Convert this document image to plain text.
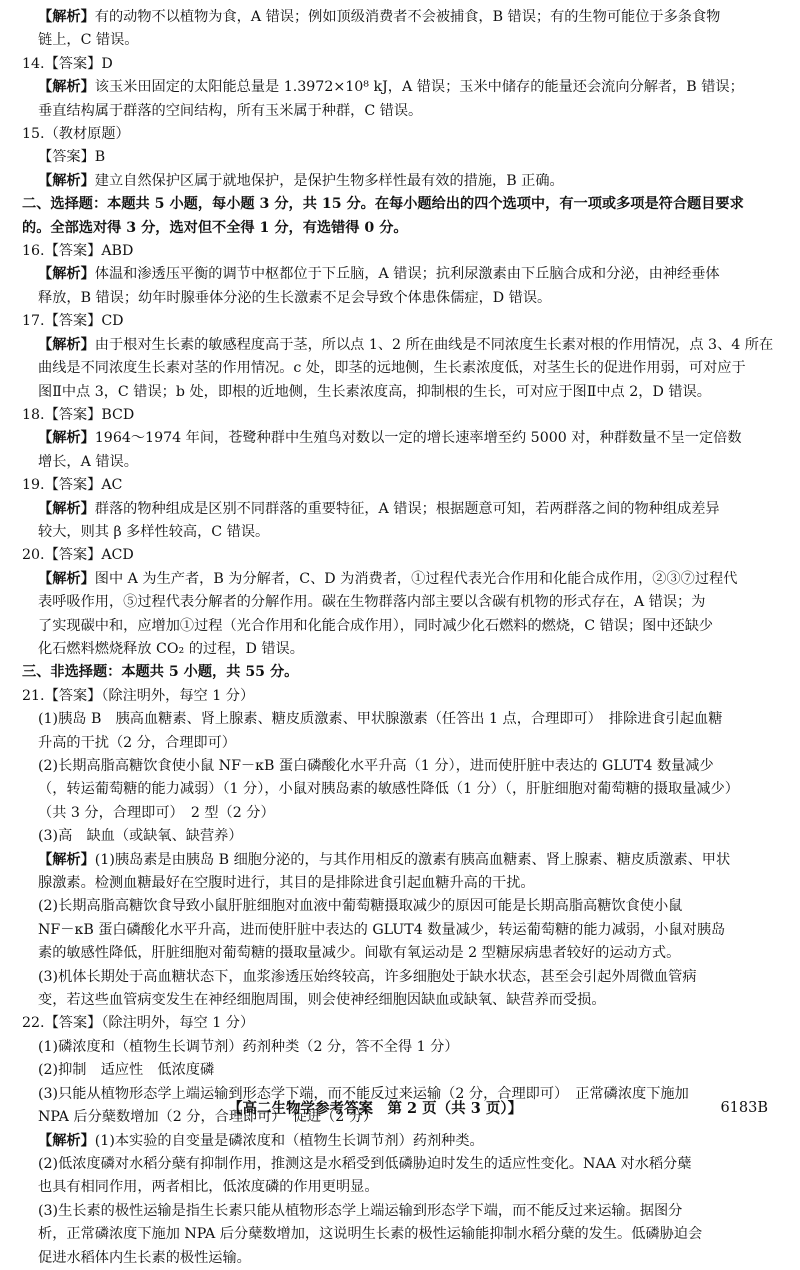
【解析】有的动物不以植物为食，A 错误；例如顶级消费者不会被捕食，B 错误；有的生物可能位于多条食物
链上，C 错误。
14.【答案】D
【解析】该玉米田固定的太阳能总量是 1.3972×10⁸ kJ，A 错误；玉米中储存的能量还会流向分解者，B 错误；
垂直结构属于群落的空间结构，所有玉米属于种群，C 错误。
15.（教材原题）
【答案】B
【解析】建立自然保护区属于就地保护，是保护生物多样性最有效的措施，B 正确。
二、选择题：本题共 5 小题，每小题 3 分，共 15 分。在每小题给出的四个选项中，有一项或多项是符合题目要求
的。全部选对得 3 分，选对但不全得 1 分，有选错得 0 分。
16.【答案】ABD
【解析】体温和渗透压平衡的调节中枢都位于下丘脑，A 错误；抗利尿激素由下丘脑合成和分泌，由神经垂体
释放，B 错误；幼年时腺垂体分泌的生长激素不足会导致个体患侏儒症，D 错误。
17.【答案】CD
【解析】由于根对生长素的敏感程度高于茎，所以点 1、2 所在曲线是不同浓度生长素对根的作用情况，点 3、4 所在
曲线是不同浓度生长素对茎的作用情况。c 处，即茎的远地侧，生长素浓度低，对茎生长的促进作用弱，可对应于
图Ⅱ中点 3，C 错误；b 处，即根的近地侧，生长素浓度高，抑制根的生长，可对应于图Ⅱ中点 2，D 错误。
18.【答案】BCD
【解析】1964～1974 年间，苍鹭种群中生殖鸟对数以一定的增长速率增至约 5000 对，种群数量不呈一定倍数
增长，A 错误。
19.【答案】AC
【解析】群落的物种组成是区别不同群落的重要特征，A 错误；根据题意可知，若两群落之间的物种组成差异
较大，则其 β 多样性较高，C 错误。
20.【答案】ACD
【解析】图中 A 为生产者，B 为分解者，C、D 为消费者，①过程代表光合作用和化能合成作用，②③⑦过程代
表呼吸作用，⑤过程代表分解者的分解作用。碳在生物群落内部主要以含碳有机物的形式存在，A 错误；为
了实现碳中和，应增加①过程（光合作用和化能合成作用），同时减少化石燃料的燃烧，C 错误；图中还缺少
化石燃料燃烧释放 CO₂ 的过程，D 错误。
三、非选择题：本题共 5 小题，共 55 分。
21.【答案】（除注明外，每空 1 分）
(1)胰岛 B　胰高血糖素、肾上腺素、糖皮质激素、甲状腺激素（任答出 1 点，合理即可）　排除进食引起血糖
升高的干扰（2 分，合理即可）
(2)长期高脂高糖饮食使小鼠 NF－κB 蛋白磷酸化水平升高（1 分），进而使肝脏中表达的 GLUT4 数量减少
（，转运葡萄糖的能力减弱）（1 分），小鼠对胰岛素的敏感性降低（1 分）（，肝脏细胞对葡萄糖的摄取量减少）
（共 3 分，合理即可）　2 型（2 分）
(3)高　缺血（或缺氧、缺营养）
【解析】(1)胰岛素是由胰岛 B 细胞分泌的，与其作用相反的激素有胰高血糖素、肾上腺素、糖皮质激素、甲状
腺激素。检测血糖最好在空腹时进行，其目的是排除进食引起血糖升高的干扰。
(2)长期高脂高糖饮食导致小鼠肝脏细胞对血液中葡萄糖摄取减少的原因可能是长期高脂高糖饮食使小鼠
NF－κB 蛋白磷酸化水平升高，进而使肝脏中表达的 GLUT4 数量减少，转运葡萄糖的能力减弱，小鼠对胰岛
素的敏感性降低，肝脏细胞对葡萄糖的摄取量减少。间歇有氧运动是 2 型糖尿病患者较好的运动方式。
(3)机体长期处于高血糖状态下，血浆渗透压始终较高，许多细胞处于缺水状态，甚至会引起外周微血管病
变，若这些血管病变发生在神经细胞周围，则会使神经细胞因缺血或缺氧、缺营养而受损。
22.【答案】（除注明外，每空 1 分）
(1)磷浓度和（植物生长调节剂）药剂种类（2 分，答不全得 1 分）
(2)抑制　适应性　低浓度磷
(3)只能从植物形态学上端运输到形态学下端，而不能反过来运输（2 分，合理即可）　正常磷浓度下施加
NPA 后分蘖数增加（2 分，合理即可）　促进（2 分）
【解析】(1)本实验的自变量是磷浓度和（植物生长调节剂）药剂种类。
(2)低浓度磷对水稻分蘖有抑制作用，推测这是水稻受到低磷胁迫时发生的适应性变化。NAA 对水稻分蘖
也具有相同作用，两者相比，低浓度磷的作用更明显。
(3)生长素的极性运输是指生长素只能从植物形态学上端运输到形态学下端，而不能反过来运输。据图分
析，正常磷浓度下施加 NPA 后分蘖数增加，这说明生长素的极性运输能抑制水稻分蘖的发生。低磷胁迫会
促进水稻体内生长素的极性运输。
【高二生物学参考答案　第 2 页（共 3 页）】	6183B
